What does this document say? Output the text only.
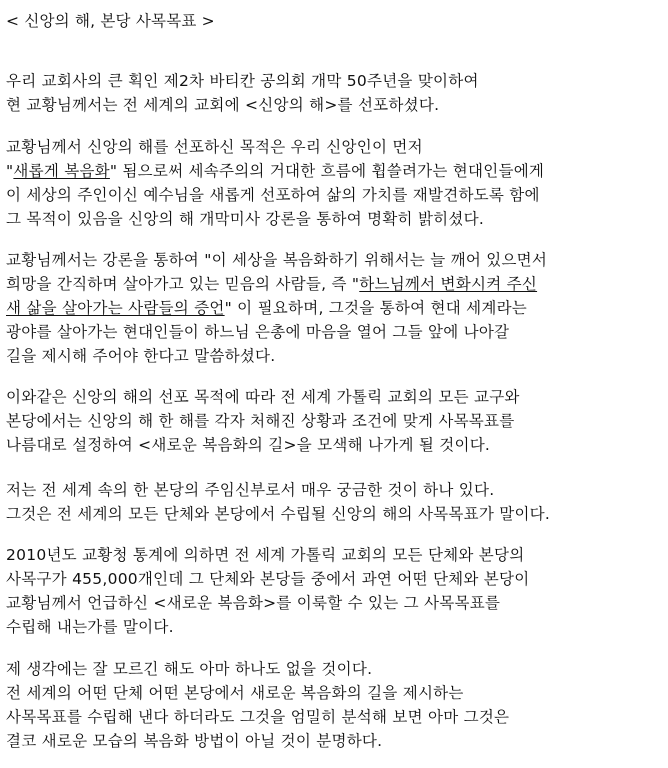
< 신앙의 해, 본당 사목목표 >
우리 교회사의 큰 획인 제2차 바티칸 공의회 개막 50주년을 맞이하여
현 교황님께서는 전 세계의 교회에 <신앙의 해>를 선포하셨다.
교황님께서 신앙의 해를 선포하신 목적은 우리 신앙인이 먼저
"새롭게 복음화" 됨으로써 세속주의의 거대한 흐름에 휩쓸려가는 현대인들에게
이 세상의 주인이신 예수님을 새롭게 선포하여 삶의 가치를 재발견하도록 함에
그 목적이 있음을 신앙의 해 개막미사 강론을 통하여 명확히 밝히셨다.
교황님께서는 강론을 통하여 "이 세상을 복음화하기 위해서는 늘 깨어 있으면서
희망을 간직하며 살아가고 있는 믿음의 사람들, 즉 "하느님께서 변화시켜 주신
새 삶을 살아가는 사람들의 증언" 이 필요하며, 그것을 통하여 현대 세계라는
광야를 살아가는 현대인들이 하느님 은총에 마음을 열어 그들 앞에 나아갈
길을 제시해 주어야 한다고 말씀하셨다.
이와같은 신앙의 해의 선포 목적에 따라 전 세계 가톨릭 교회의 모든 교구와
본당에서는 신앙의 해 한 해를 각자 처해진 상황과 조건에 맞게 사목목표를
나름대로 설정하여 <새로운 복음화의 길>을 모색해 나가게 될 것이다.
저는 전 세계 속의 한 본당의 주임신부로서 매우 궁금한 것이 하나 있다.
그것은 전 세계의 모든 단체와 본당에서 수립될 신앙의 해의 사목목표가 말이다.
2010년도 교황청 통계에 의하면 전 세계 가톨릭 교회의 모든 단체와 본당의
사목구가 455,000개인데 그 단체와 본당들 중에서 과연 어떤 단체와 본당이
교황님께서 언급하신 <새로운 복음화>를 이룩할 수 있는 그 사목목표를
수립해 내는가를 말이다.
제 생각에는 잘 모르긴 해도 아마 하나도 없을 것이다.
전 세계의 어떤 단체 어떤 본당에서 새로운 복음화의 길을 제시하는
사목목표를 수립해 낸다 하더라도 그것을 엄밀히 분석해 보면 아마 그것은
결코 새로운 모습의 복음화 방법이 아닐 것이 분명하다.
